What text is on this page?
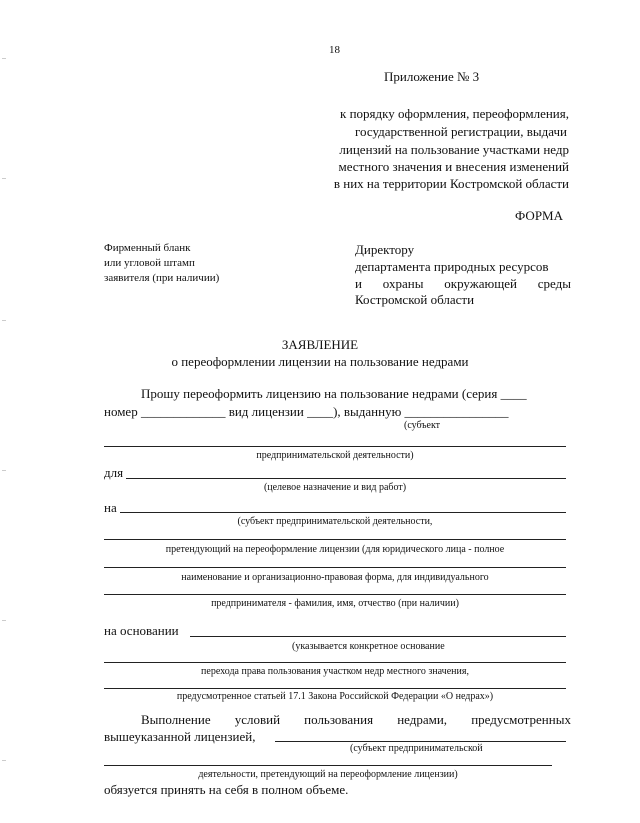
18
Приложение № 3
к порядку оформления, переоформления,
государственной регистрации, выдачи
лицензий на пользование участками недр
местного значения и внесения изменений
в них на территории Костромской области
ФОРМА
Фирменный бланк
или угловой штамп
заявителя (при наличии)
Директору
департамента природных ресурсов
и охраны окружающей среды
Костромской области
ЗАЯВЛЕНИЕ
о переоформлении лицензии на пользование недрами
Прошу переоформить лицензию на пользование недрами (серия ____
номер _____________ вид лицензии ____), выданную ________________
(субъект
предпринимательской деятельности)
для
(целевое назначение и вид работ)
на
(субъект предпринимательской деятельности,
претендующий на переоформление лицензии (для юридического лица - полное
наименование и организационно-правовая форма, для индивидуального
предпринимателя - фамилия, имя, отчество (при наличии)
на основании
(указывается конкретное основание
перехода права пользования участком недр местного значения,
предусмотренное статьей 17.1 Закона Российской Федерации «О недрах»)
Выполнение условий пользования недрами, предусмотренных
вышеуказанной лицензией,
(субъект предпринимательской
деятельности, претендующий на переоформление лицензии)
обязуется принять на себя в полном объеме.
